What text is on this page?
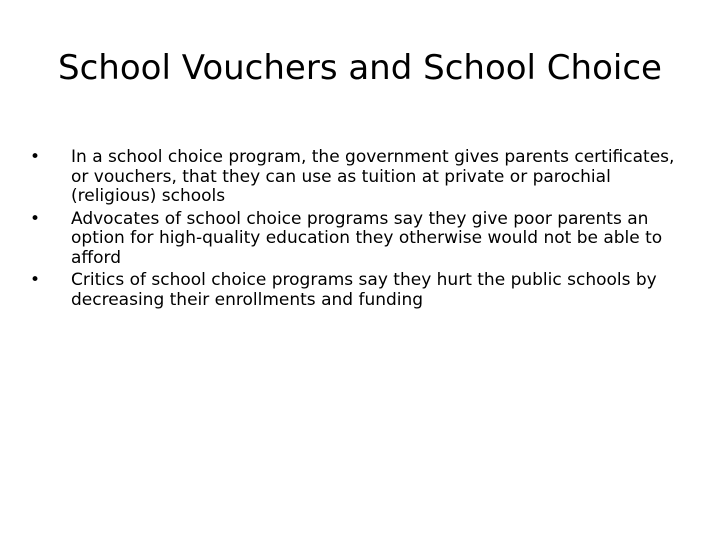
School Vouchers and School Choice
• In a school choice program, the government gives parents certificates, or vouchers, that they can use as tuition at private or parochial (religious) schools
• Advocates of school choice programs say they give poor parents an option for high-quality education they otherwise would not be able to afford
• Critics of school choice programs say they hurt the public schools by decreasing their enrollments and funding
